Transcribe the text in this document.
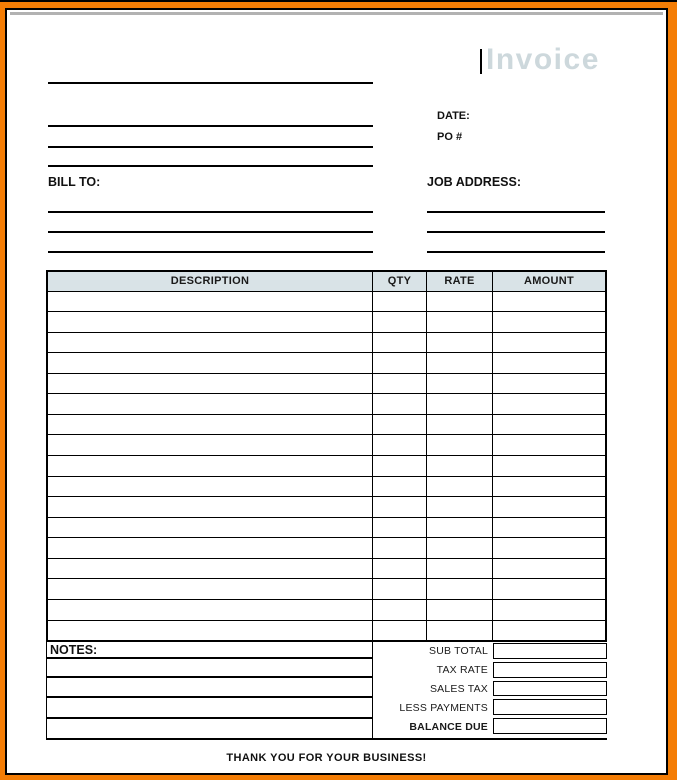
Invoice
DATE:
PO #
BILL TO:	JOB ADDRESS:
DESCRIPTION	QTY	RATE	AMOUNT
NOTES:	SUB TOTAL
TAX RATE
SALES TAX
LESS PAYMENTS
BALANCE DUE
THANK YOU FOR YOUR BUSINESS!
